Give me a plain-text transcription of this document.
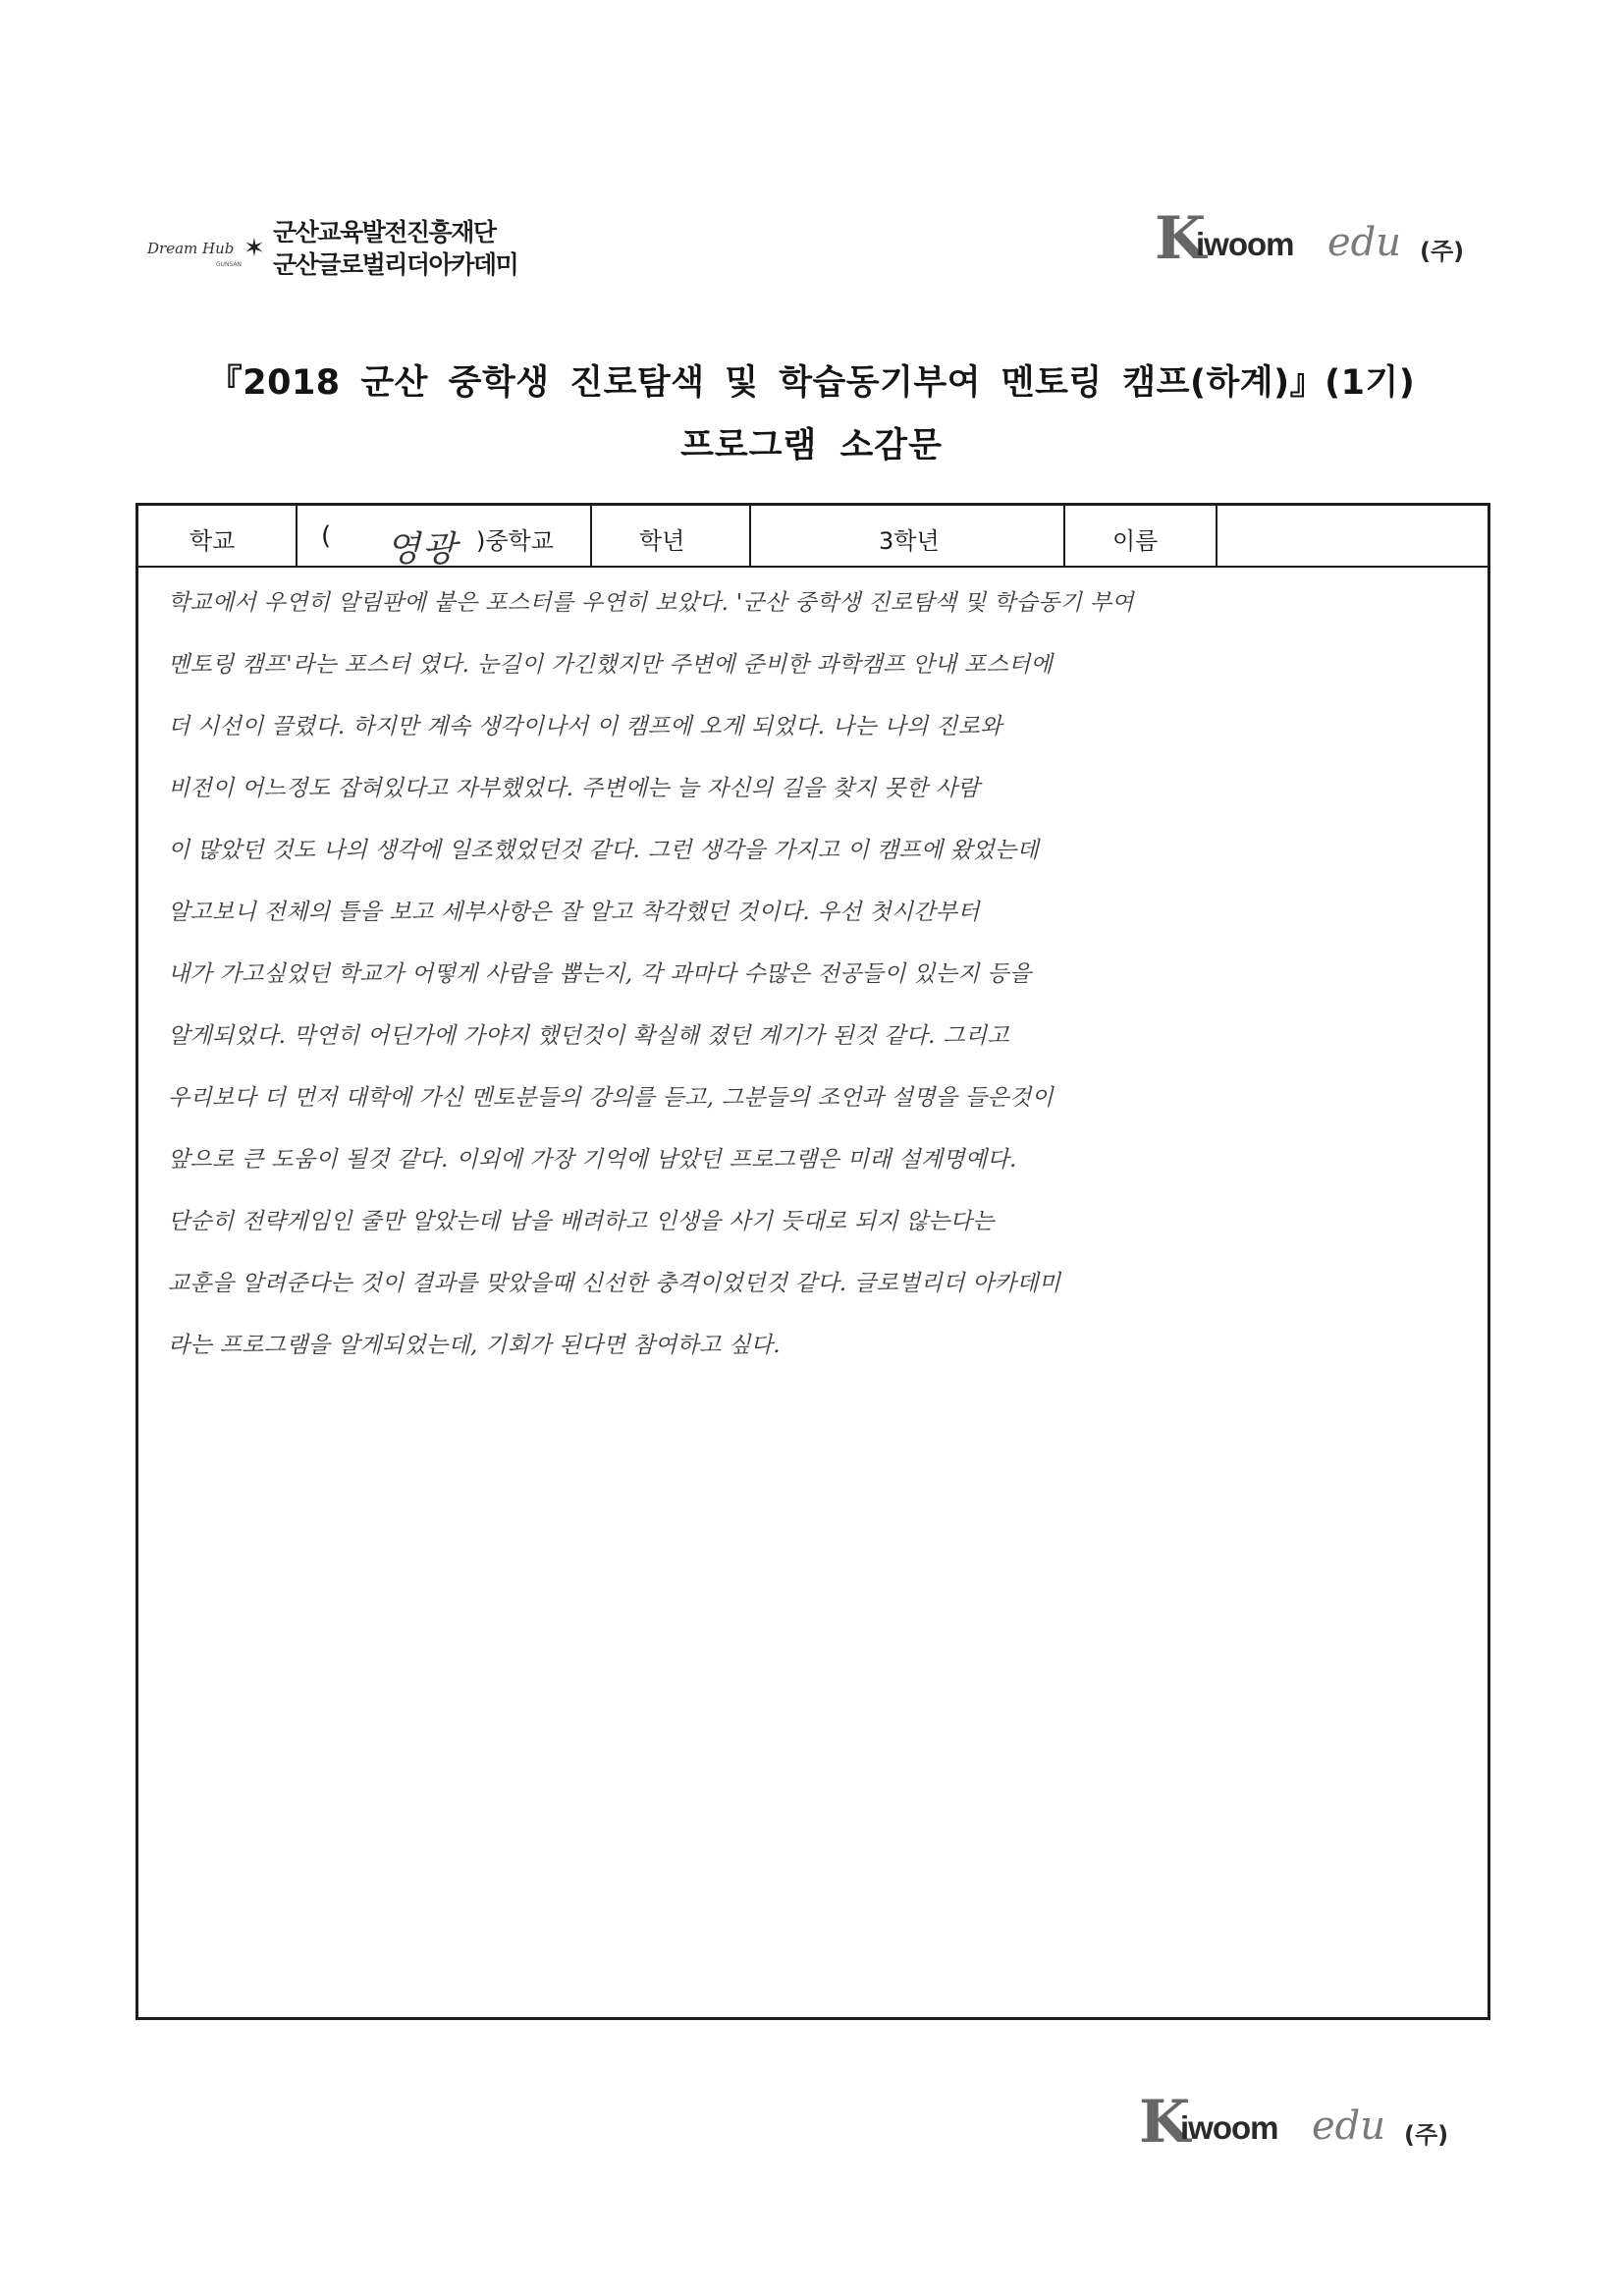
Dream Hub
GUNSAN
✶
군산교육발전진흥재단
군산글로벌리더아카데미	K
iwoom edu (주)
『2018 군산 중학생 진로탐색 및 학습동기부여 멘토링 캠프(하계)』(1기)
프로그램 소감문
학교	( 영광 )중학교	학년	3학년	이름
학교에서 우연히 알림판에 붙은 포스터를 우연히 보았다. '군산 중학생 진로탐색 및 학습동기 부여
멘토링 캠프'라는 포스터 였다. 눈길이 가긴했지만 주변에 준비한 과학캠프 안내 포스터에
더 시선이 끌렸다. 하지만 계속 생각이나서 이 캠프에 오게 되었다. 나는 나의 진로와
비전이 어느정도 잡혀있다고 자부했었다. 주변에는 늘 자신의 길을 찾지 못한 사람
이 많았던 것도 나의 생각에 일조했었던것 같다. 그런 생각을 가지고 이 캠프에 왔었는데
알고보니 전체의 틀을 보고 세부사항은 잘 알고 착각했던 것이다. 우선 첫시간부터
내가 가고싶었던 학교가 어떻게 사람을 뽑는지, 각 과마다 수많은 전공들이 있는지 등을
알게되었다. 막연히 어딘가에 가야지 했던것이 확실해 졌던 계기가 된것 같다. 그리고
우리보다 더 먼저 대학에 가신 멘토분들의 강의를 듣고, 그분들의 조언과 설명을 들은것이
앞으로 큰 도움이 될것 같다. 이외에 가장 기억에 남았던 프로그램은 미래 설계명예다.
단순히 전략게임인 줄만 알았는데 남을 배려하고 인생을 사기 듯대로 되지 않는다는
교훈을 알려준다는 것이 결과를 맞았을때 신선한 충격이었던것 같다. 글로벌리더 아카데미
라는 프로그램을 알게되었는데, 기회가 된다면 참여하고 싶다.
K
iwoom edu (주)
